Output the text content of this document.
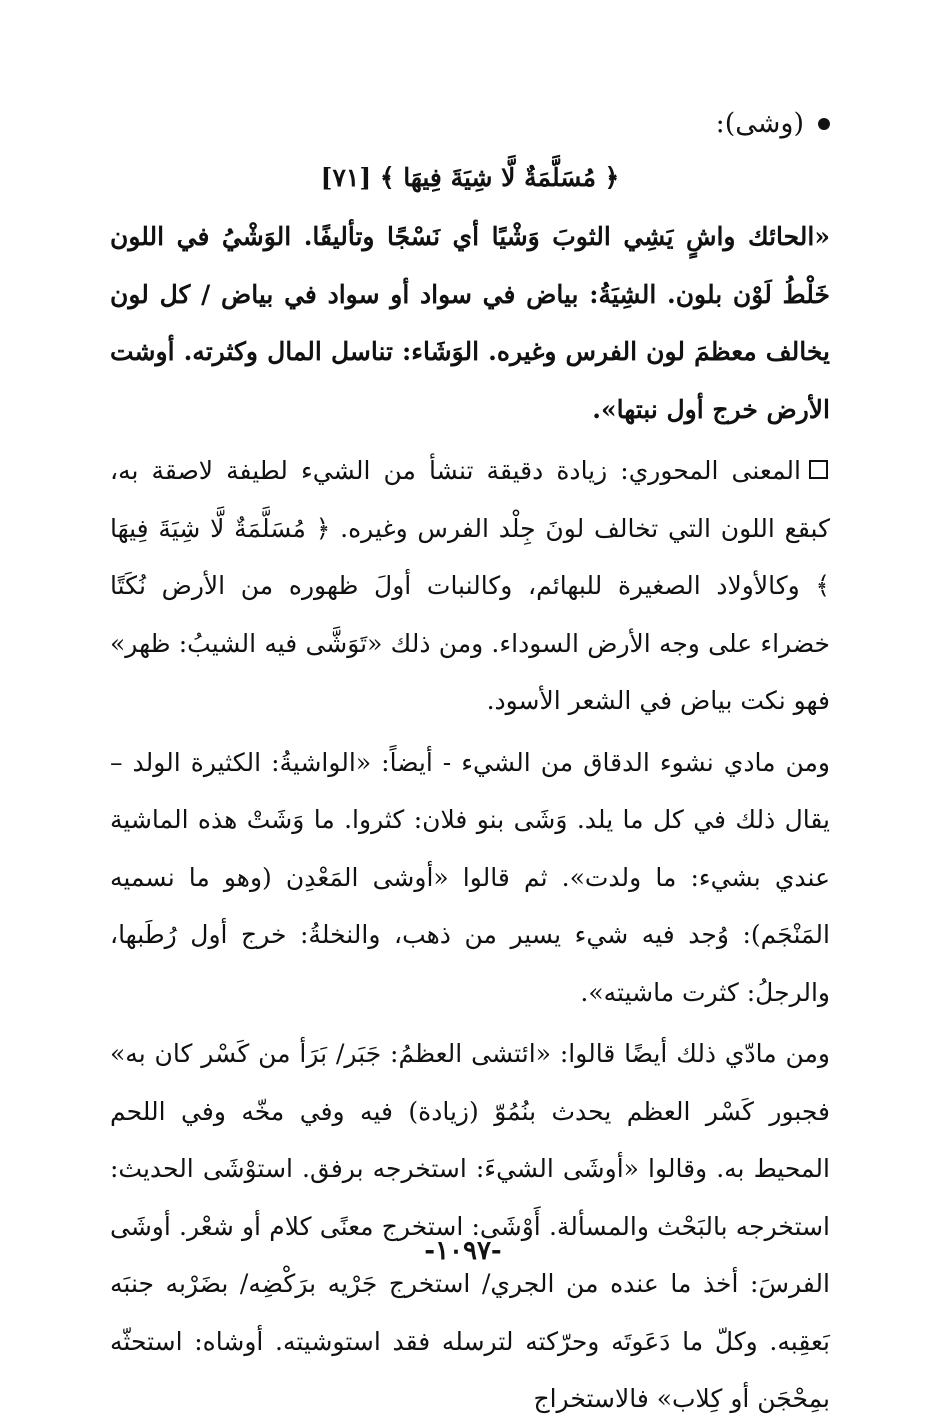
(وشى):
﴿ مُسَلَّمَةٌ لَّا شِيَةَ فِيهَا ﴾ [٧١]

«الحائك واشٍ يَشِي الثوبَ وَشْيًا أي نَسْجًا وتأليفًا. الوَشْيُ في اللون خَلْطُ لَوْن بلون. الشِيَةُ: بياض في سواد أو سواد في بياض / كل لون يخالف معظمَ لون الفرس وغيره. الوَشَاء: تناسل المال وكثرته. أوشت الأرض خرج أول نبتها».

المعنى المحوري: زيادة دقيقة تنشأ من الشيء لطيفة لاصقة به، كبقع اللون التي تخالف لونَ جِلْد الفرس وغيره. ﴿ مُسَلَّمَةٌ لَّا شِيَةَ فِيهَا ﴾ وكالأولاد الصغيرة للبهائم، وكالنبات أولَ ظهوره من الأرض نُكَتًا خضراء على وجه الأرض السوداء. ومن ذلك «تَوَشَّى فيه الشيبُ: ظهر» فهو نكت بياض في الشعر الأسود.

ومن مادي نشوء الدقاق من الشيء - أيضاً: «الواشيةُ: الكثيرة الولد – يقال ذلك في كل ما يلد. وَشَى بنو فلان: كثروا. ما وَشَتْ هذه الماشية عندي بشيء: ما ولدت». ثم قالوا «أوشى المَعْدِن (وهو ما نسميه المَنْجَم): وُجد فيه شيء يسير من ذهب، والنخلةُ: خرج أول رُطَبها، والرجلُ: كثرت ماشيته».

ومن مادّي ذلك أيضًا قالوا: «ائتشى العظمُ: جَبَر/ بَرَأ من كَسْر كان به» فجبور كَسْر العظم يحدث بنُمُوّ (زيادة) فيه وفي مخّه وفي اللحم المحيط به. وقالوا «أوشَى الشيءَ: استخرجه برفق. استوْشَى الحديث: استخرجه بالبَحْث والمسألة. أَوْشَى: استخرج معنًى كلام أو شعْر. أوشَى الفرسَ: أخذ ما عنده من الجري/ استخرج جَرْيه برَكْضِه/ بضَرْبه جنبَه بَعقِبه. وكلّ ما دَعَوتَه وحرّكته لترسله فقد استوشيته. أوشاه: استحثّه بمِحْجَن أو كِلاب» فالاستخراج

-١٠٩٧-
